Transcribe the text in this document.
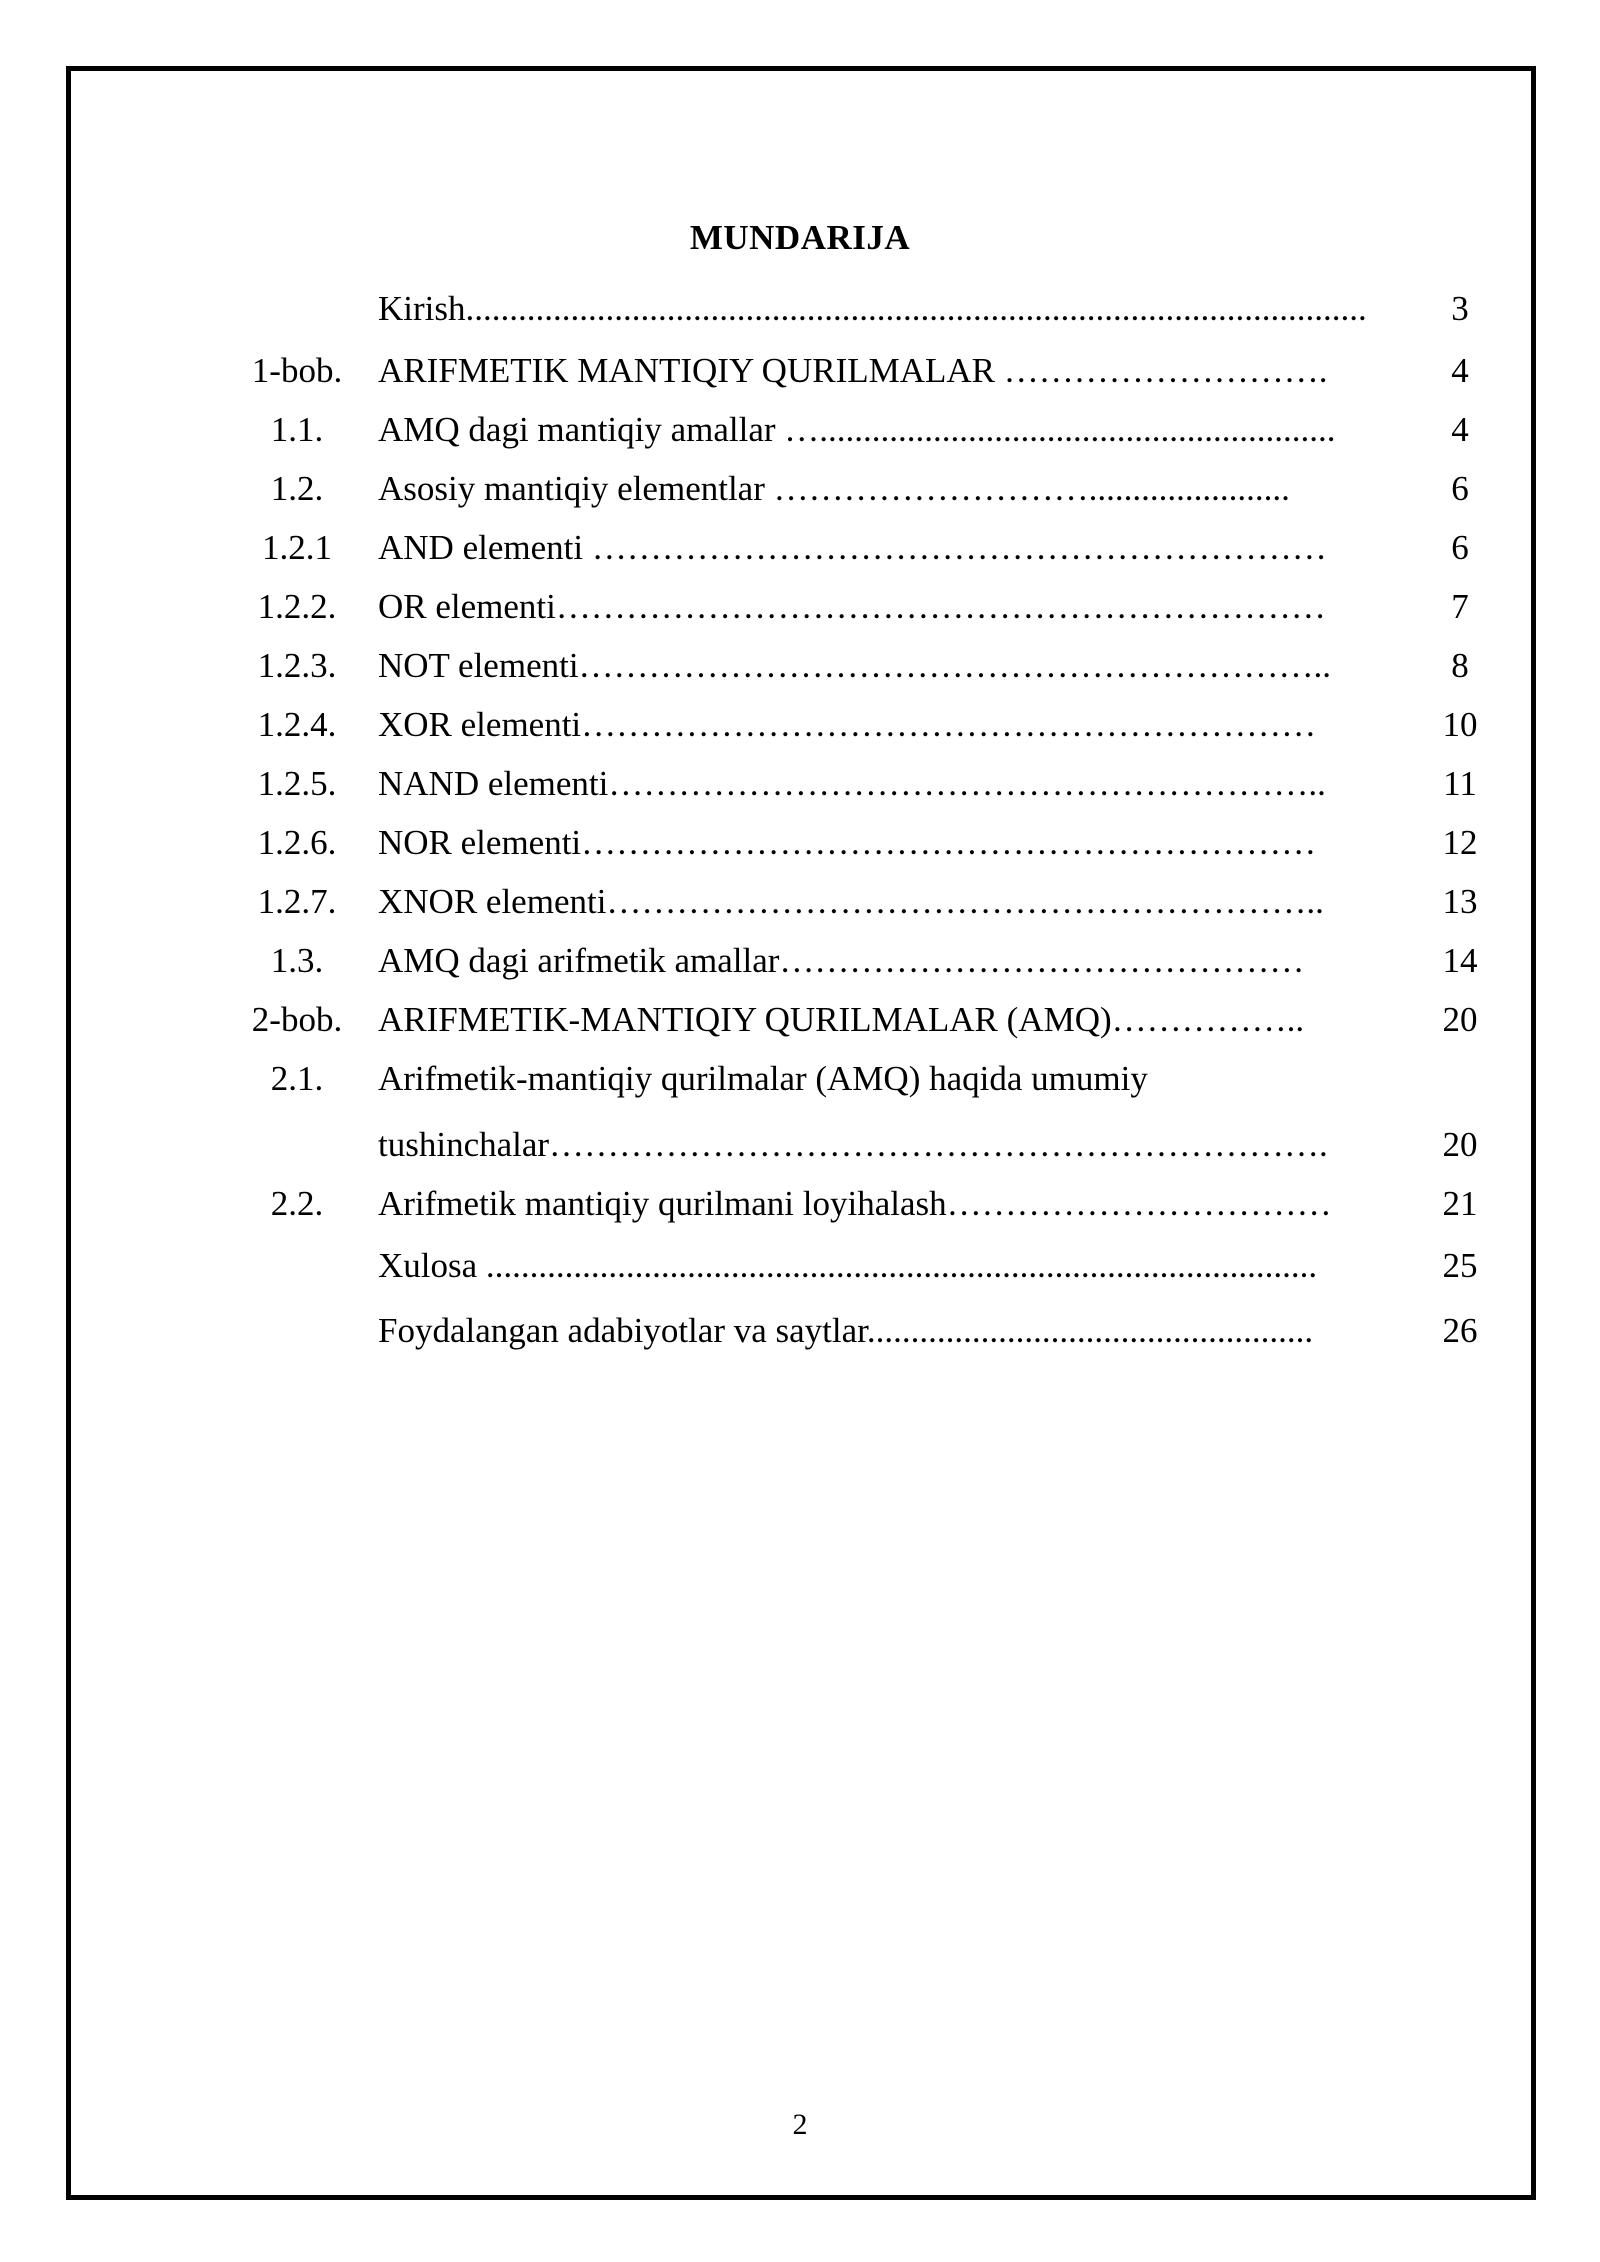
MUNDARIJA
Kirish.......................................................................................................	3
1-bob.	ARIFMETIK MANTIQIY QURILMALAR ……………………….	4
1.1.	AMQ dagi mantiqiy amallar …...........................................................	4
1.2.	Asosiy mantiqiy elementlar ……………………….......................	6
1.2.1	AND elementi ………………………………………………………	6
1.2.2.	OR elementi…………………………………………………………	7
1.2.3.	NOT elementi………………………………………………………..	8
1.2.4.	XOR elementi………………………………………………………	10
1.2.5.	NAND elementi……………………………………………………..	11
1.2.6.	NOR elementi………………………………………………………	12
1.2.7.	XNOR elementi……………………………………………………..	13
1.3.	AMQ dagi arifmetik amallar………………………………………	14
2-bob.	ARIFMETIK-MANTIQIY QURILMALAR (AMQ)……………..	20
2.1.	Arifmetik-mantiqiy qurilmalar (AMQ) haqida umumiy
tushinchalar………………………………………………………….	20
2.2.	Arifmetik mantiqiy qurilmani loyihalash……………………………	21
Xulosa ...............................................................................................	25
Foydalangan adabiyotlar va saytlar...................................................	26
2
